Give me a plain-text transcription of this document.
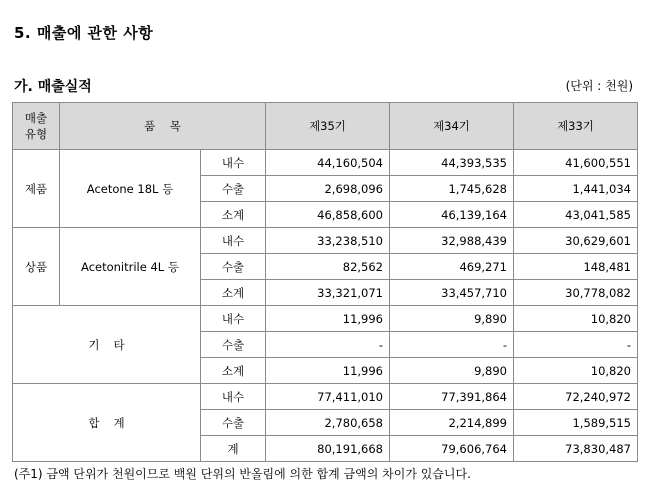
5. 매출에 관한 사항
가. 매출실적	(단위 : 천원)
매출
유형	품    목		제35기	제34기	제33기
제품	Acetone 18L 등	내수	44,160,504	44,393,535	41,600,551
		수출	2,698,096	1,745,628	1,441,034
		소계	46,858,600	46,139,164	43,041,585
상품	Acetonitrile 4L 등	내수	33,238,510	32,988,439	30,629,601
		수출	82,562	469,271	148,481
		소계	33,321,071	33,457,710	30,778,082
기타		내수	11,996	9,890	10,820
		수출	-	-	-
		소계	11,996	9,890	10,820
합계		내수	77,411,010	77,391,864	72,240,972
		수출	2,780,658	2,214,899	1,589,515
		계	80,191,668	79,606,764	73,830,487
(주1) 금액 단위가 천원이므로 백원 단위의 반올림에 의한 합계 금액의 차이가 있습니다.
